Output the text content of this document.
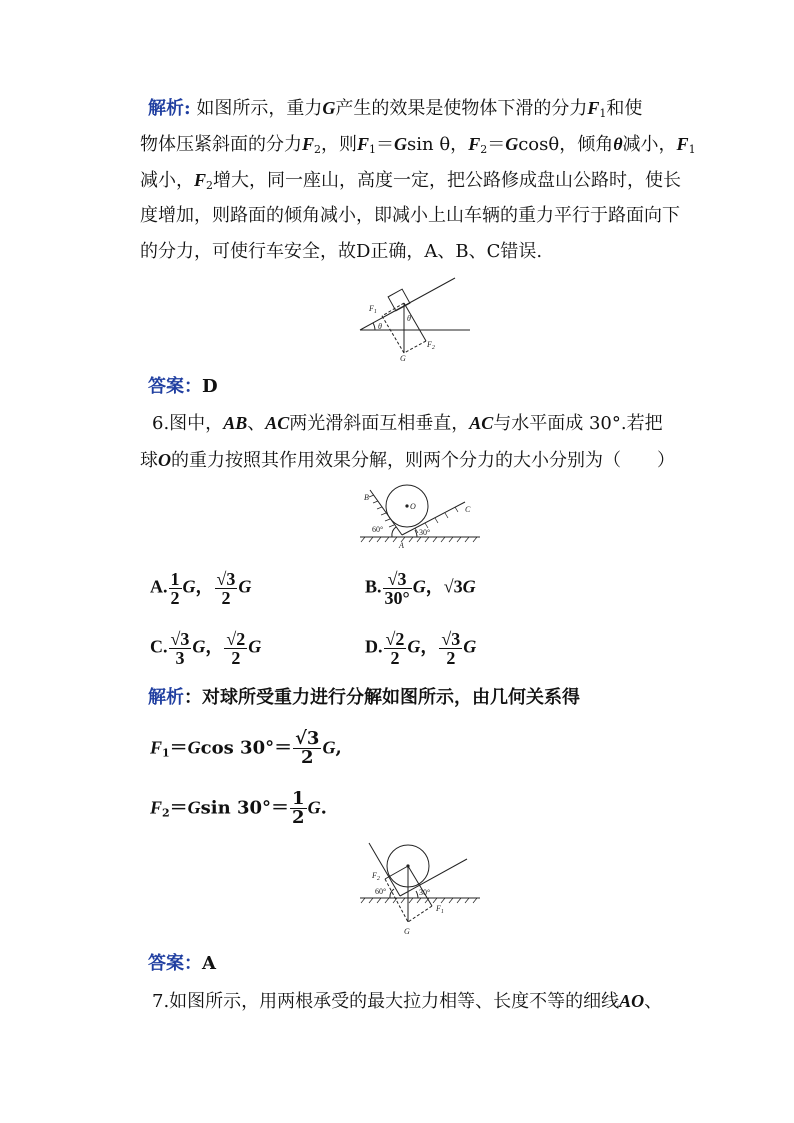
解析: 如图所示，重力G产生的效果是使物体下滑的分力$F_1$和使
物体压紧斜面的分力$F_2$，则$F_1=Gsin$ θ，$F_2=Gcos\theta$，倾角θ减小，$F_1$
减小，$F_2$增大，同一座山，高度一定，把公路修成盘山公路时，使长
度增加，则路面的倾角减小，即减小上山车辆的重力平行于路面向下
的分力，可使行车安全，故D正确，A、B、C错误.
$F_1$
θ
θ
$F_2$
G
答案：D
6.图中，AB、AC两光滑斜面互相垂直，AC与水平面成 30°.若把
球O的重力按照其作用效果分解，则两个分力的大小分别为（　　）
B
O	C
A
60°	30°
A. $\frac{1}{2}$ G， $\frac{√3}{2}$ G	B. $\frac{√3}{30^\circ}$ G，√3G
C. $\frac{√3}{3}$ G， $\frac{√2}{2}$ G	D. $\frac{√2}{2}$ G， $\frac{√3}{2}$ G
解析：对球所受重力进行分解如图所示，由几何关系得
$F_1=Gcos$ $30^\circ= \frac{√3}{2} G$,
$F_2=Gsin$ $30^\circ= \frac{1}{2} G$.
$F_2$
60°	30°
$F_1$
G
答案：A
7.如图所示，用两根承受的最大拉力相等、长度不等的细线AO、
